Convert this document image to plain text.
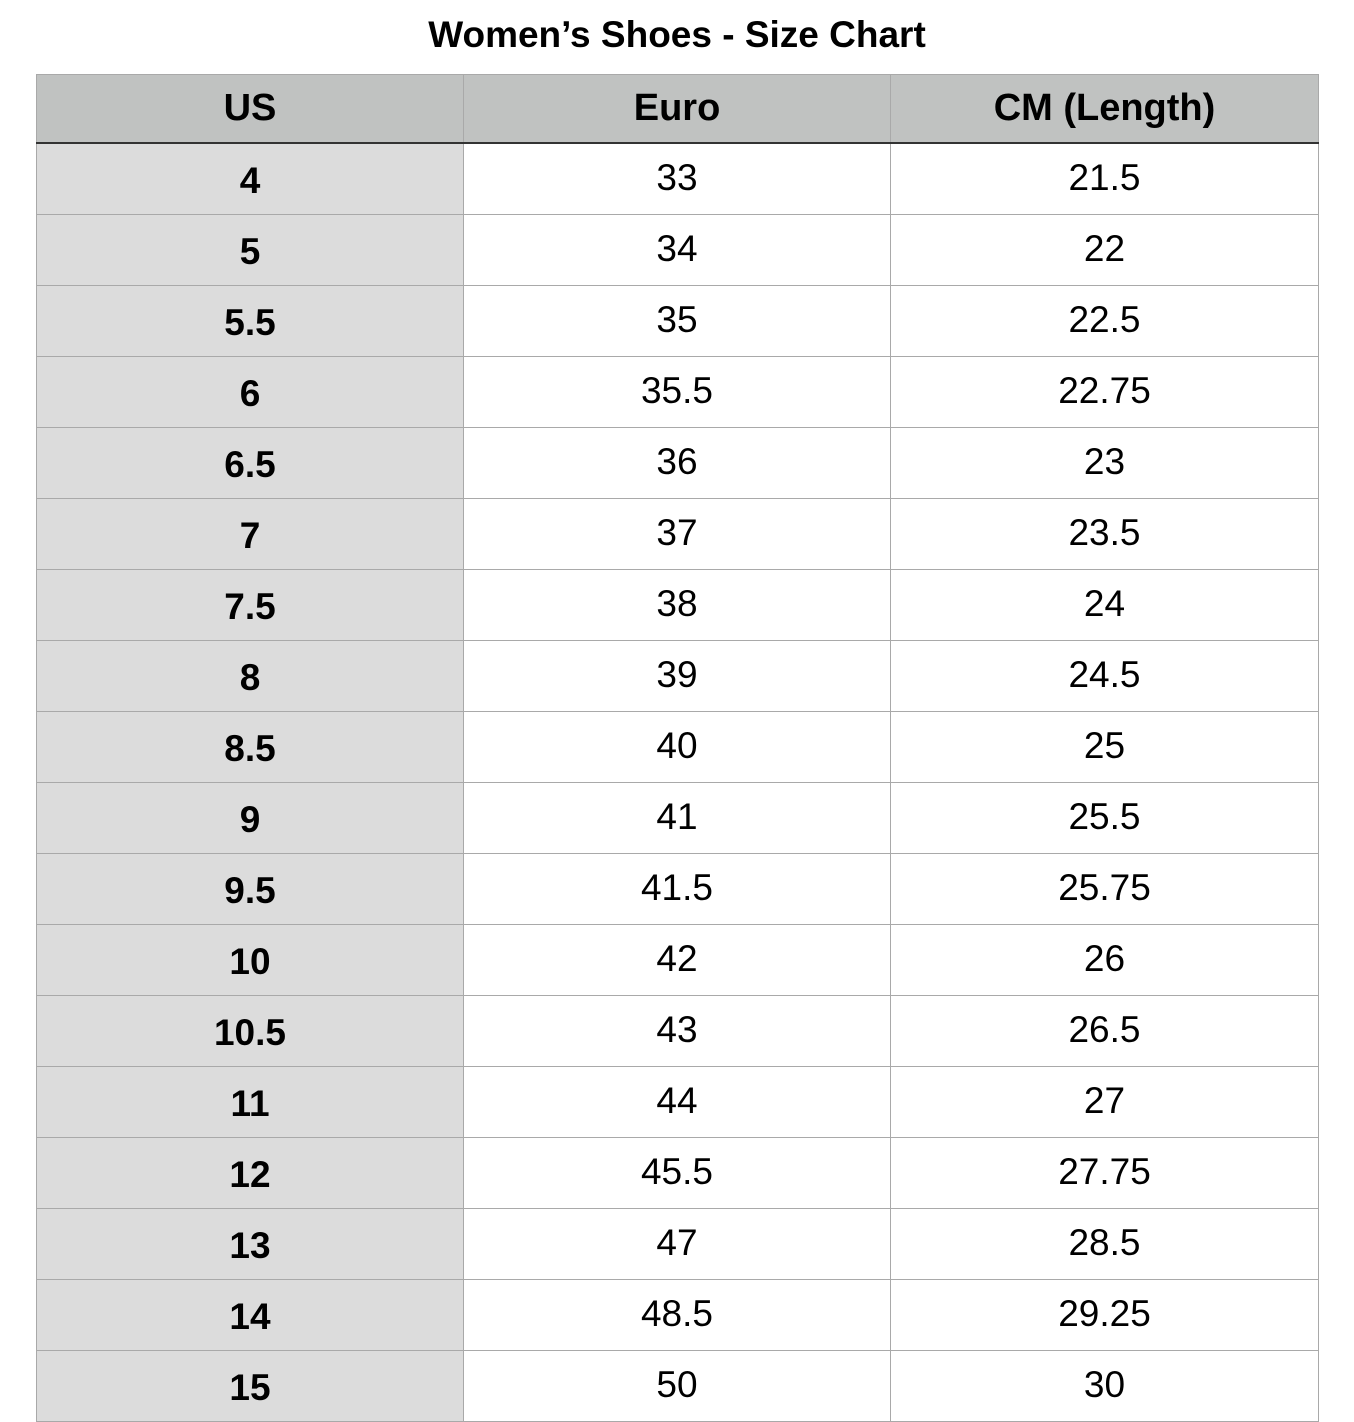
Women’s Shoes - Size Chart
US	Euro	CM (Length)
4	33	21.5
5	34	22
5.5	35	22.5
6	35.5	22.75
6.5	36	23
7	37	23.5
7.5	38	24
8	39	24.5
8.5	40	25
9	41	25.5
9.5	41.5	25.75
10	42	26
10.5	43	26.5
11	44	27
12	45.5	27.75
13	47	28.5
14	48.5	29.25
15	50	30
